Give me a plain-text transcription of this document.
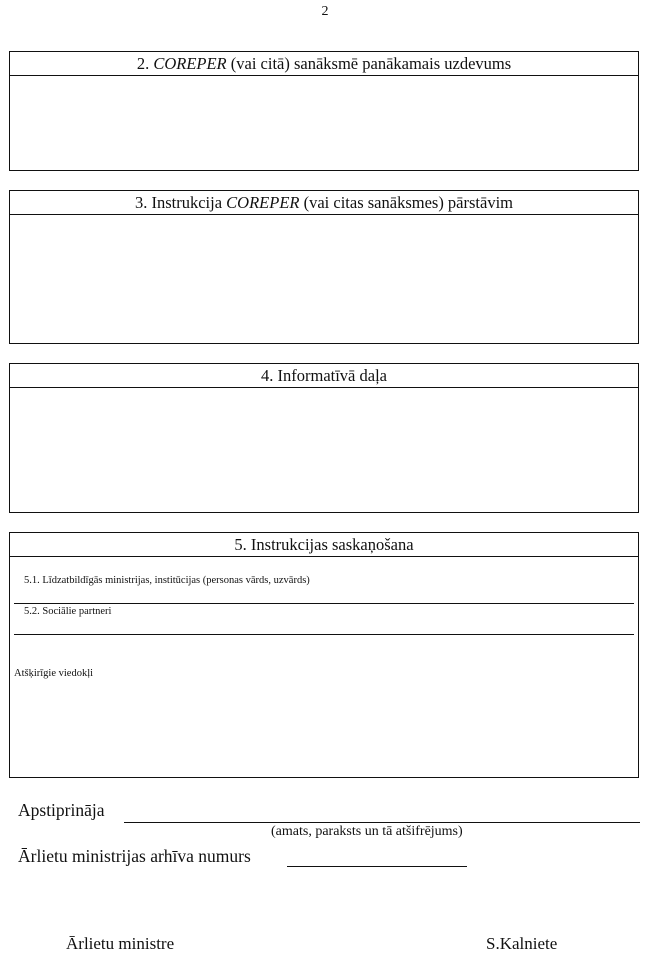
2
2. COREPER (vai citā) sanāksmē panākamais uzdevums
3. Instrukcija COREPER (vai citas sanāksmes) pārstāvim
4. Informatīvā daļa
5. Instrukcijas saskaņošana
5.1. Līdzatbildīgās ministrijas, institūcijas (personas vārds, uzvārds)
5.2. Sociālie partneri
Atšķirīgie viedokļi
Apstiprināja
(amats, paraksts un tā atšifrējums)
Ārlietu ministrijas arhīva numurs
Ārlietu ministre	S.Kalniete
